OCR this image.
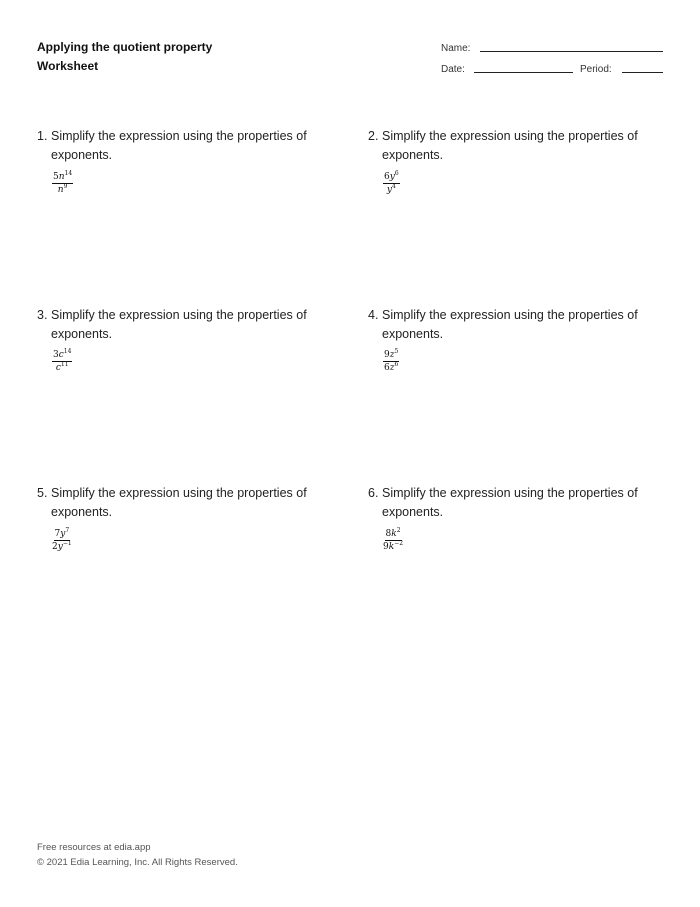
Applying the quotient property
Worksheet
Name:
Date:	Period:
1. Simplify the expression using the properties of exponents.
$\frac{5n^{14}}{n^9}$
2. Simplify the expression using the properties of exponents.
$\frac{6y^6}{y^4}$
3. Simplify the expression using the properties of exponents.
$\frac{3c^{14}}{c^{11}}$
4. Simplify the expression using the properties of exponents.
$\frac{9z^5}{6z^6}$
5. Simplify the expression using the properties of exponents.
$\frac{7y^7}{2y^{-1}}$
6. Simplify the expression using the properties of exponents.
$\frac{8k^2}{9k^{-2}}$
Free resources at edia.app
© 2021 Edia Learning, Inc. All Rights Reserved.
